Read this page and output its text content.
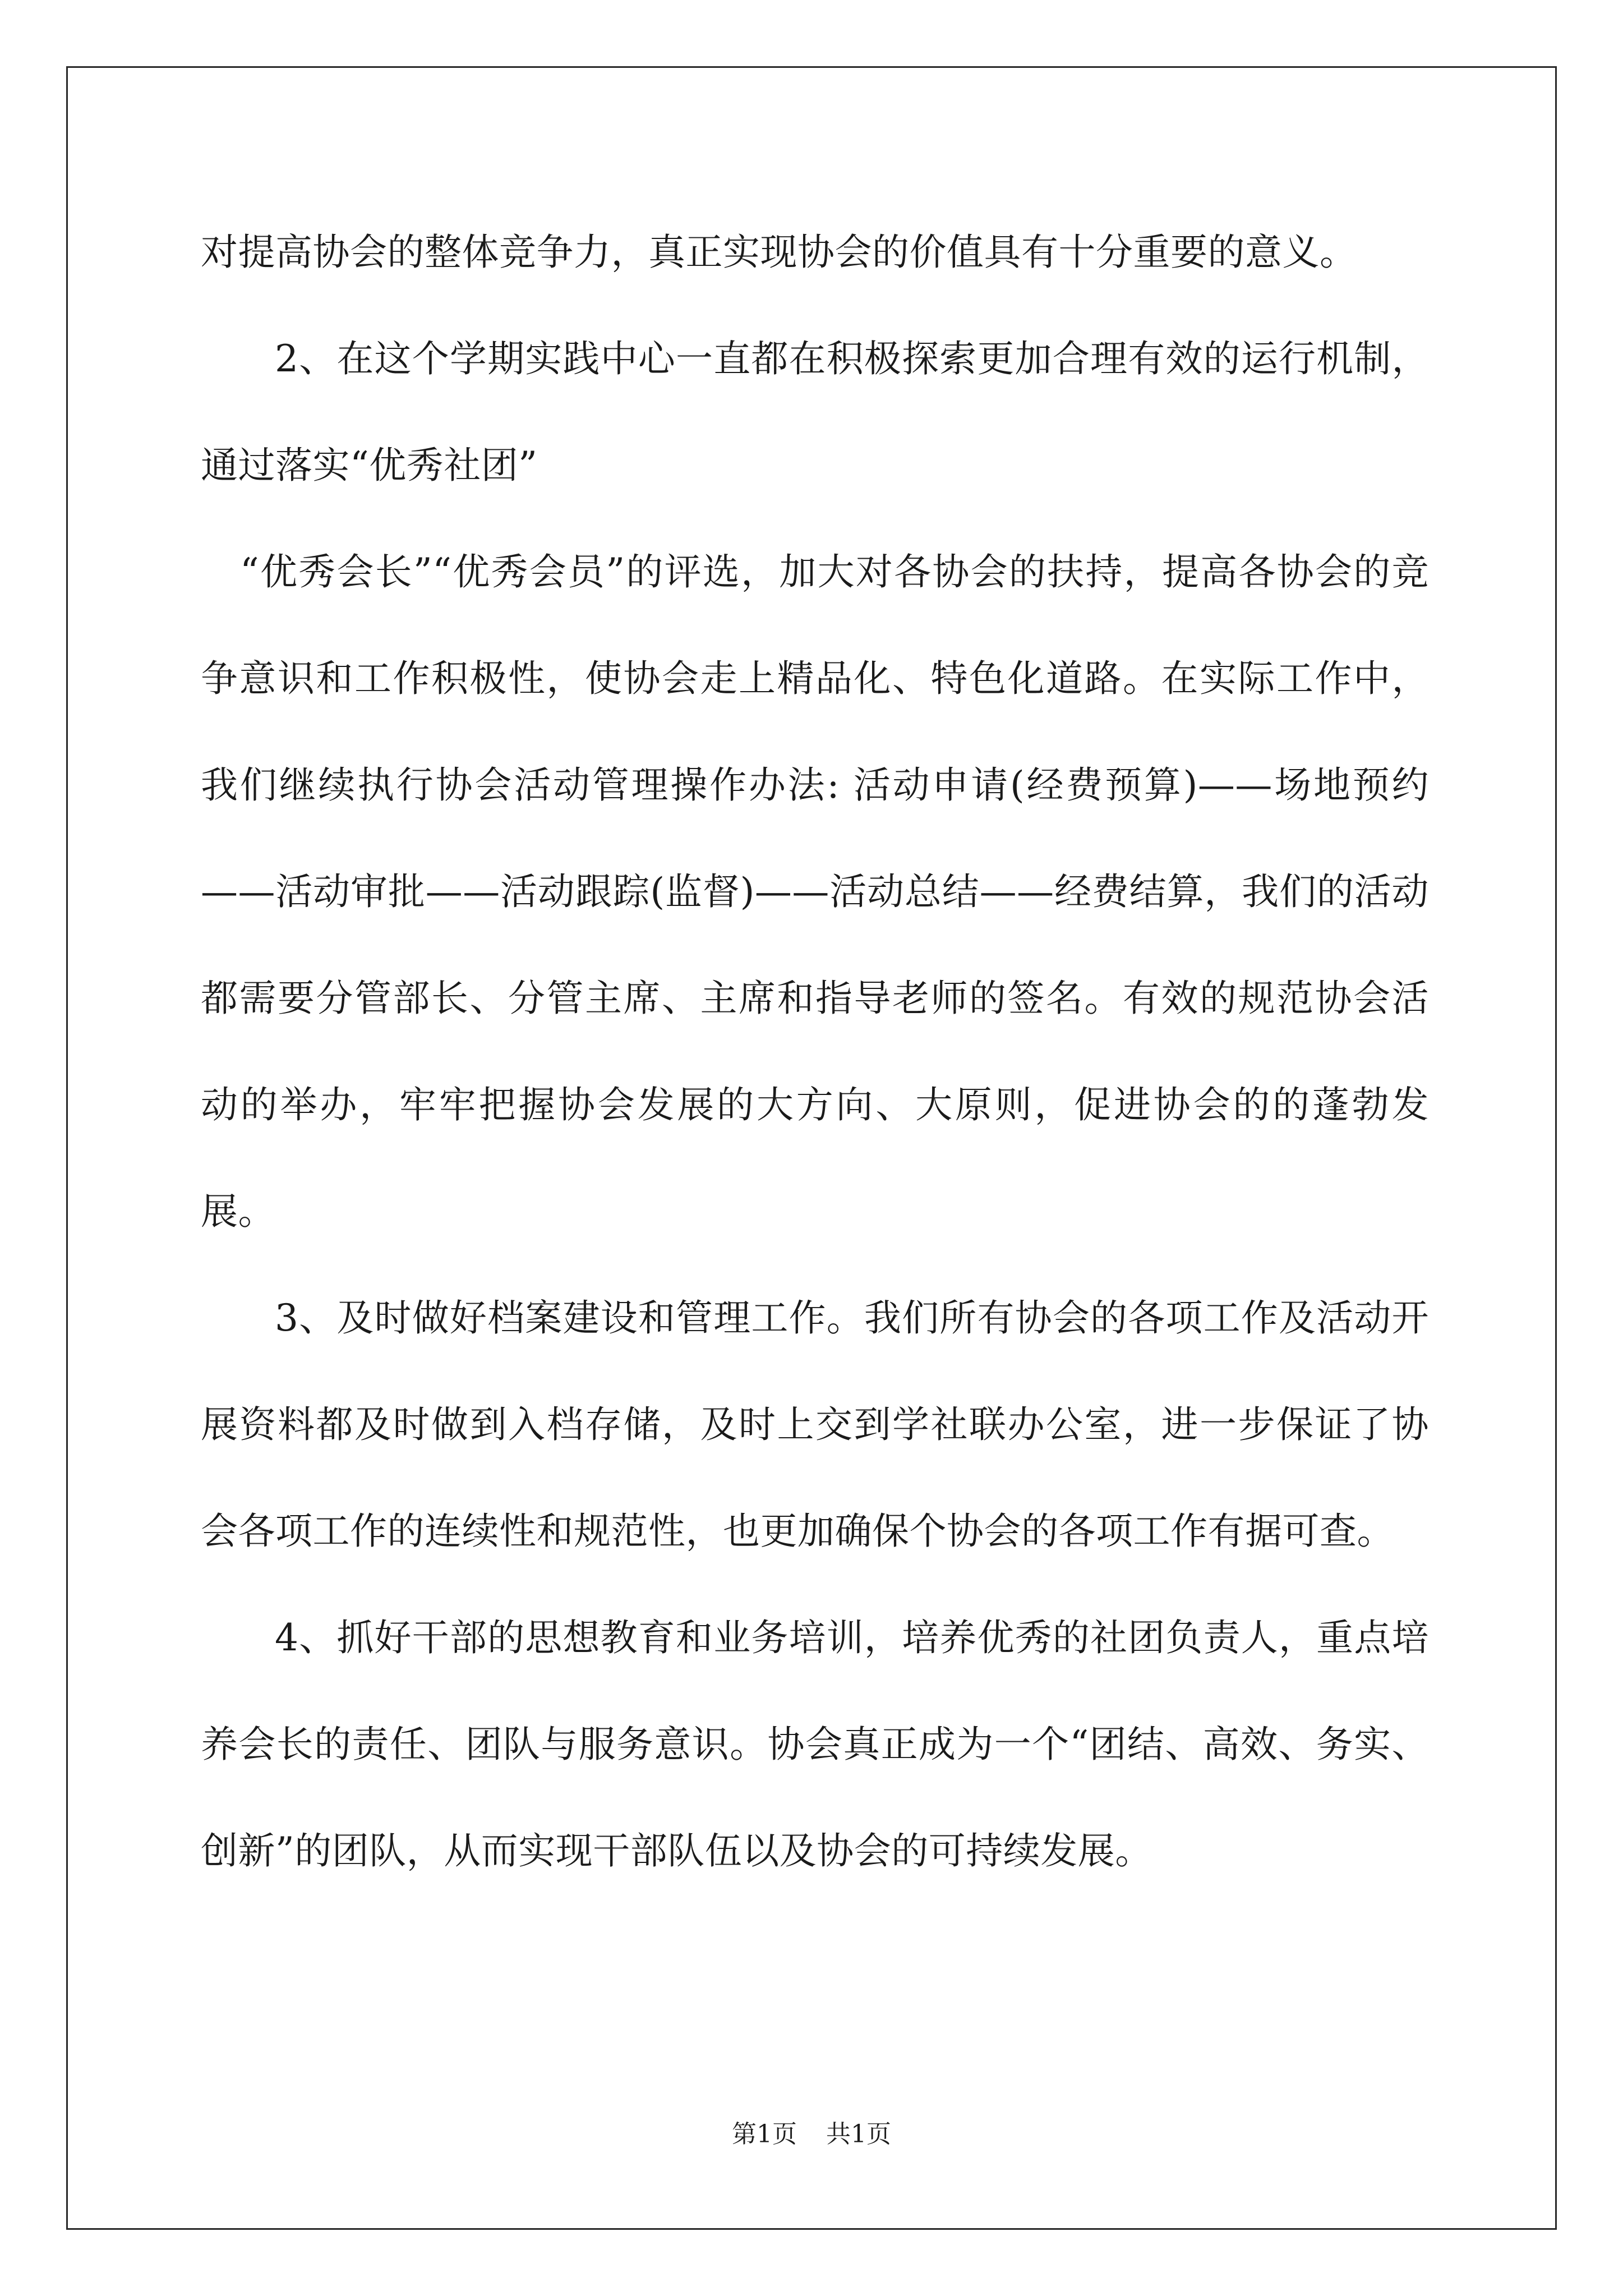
对提高协会的整体竞争力，真正实现协会的价值具有十分重要的意义。

2、在这个学期实践中心一直都在积极探索更加合理有效的运行机制，通过落实“优秀社团”

“优秀会长”“优秀会员”的评选，加大对各协会的扶持，提高各协会的竞争意识和工作积极性，使协会走上精品化、特色化道路。在实际工作中，我们继续执行协会活动管理操作办法: 活动申请(经费预算)——场地预约——活动审批——活动跟踪(监督)——活动总结——经费结算，我们的活动都需要分管部长、分管主席、主席和指导老师的签名。有效的规范协会活动的举办，牢牢把握协会发展的大方向、大原则，促进协会的的蓬勃发展。

3、及时做好档案建设和管理工作。我们所有协会的各项工作及活动开展资料都及时做到入档存储，及时上交到学社联办公室，进一步保证了协会各项工作的连续性和规范性，也更加确保个协会的各项工作有据可查。

4、抓好干部的思想教育和业务培训，培养优秀的社团负责人，重点培养会长的责任、团队与服务意识。协会真正成为一个“团结、高效、务实、创新”的团队，从而实现干部队伍以及协会的可持续发展。

第1页 共1页
